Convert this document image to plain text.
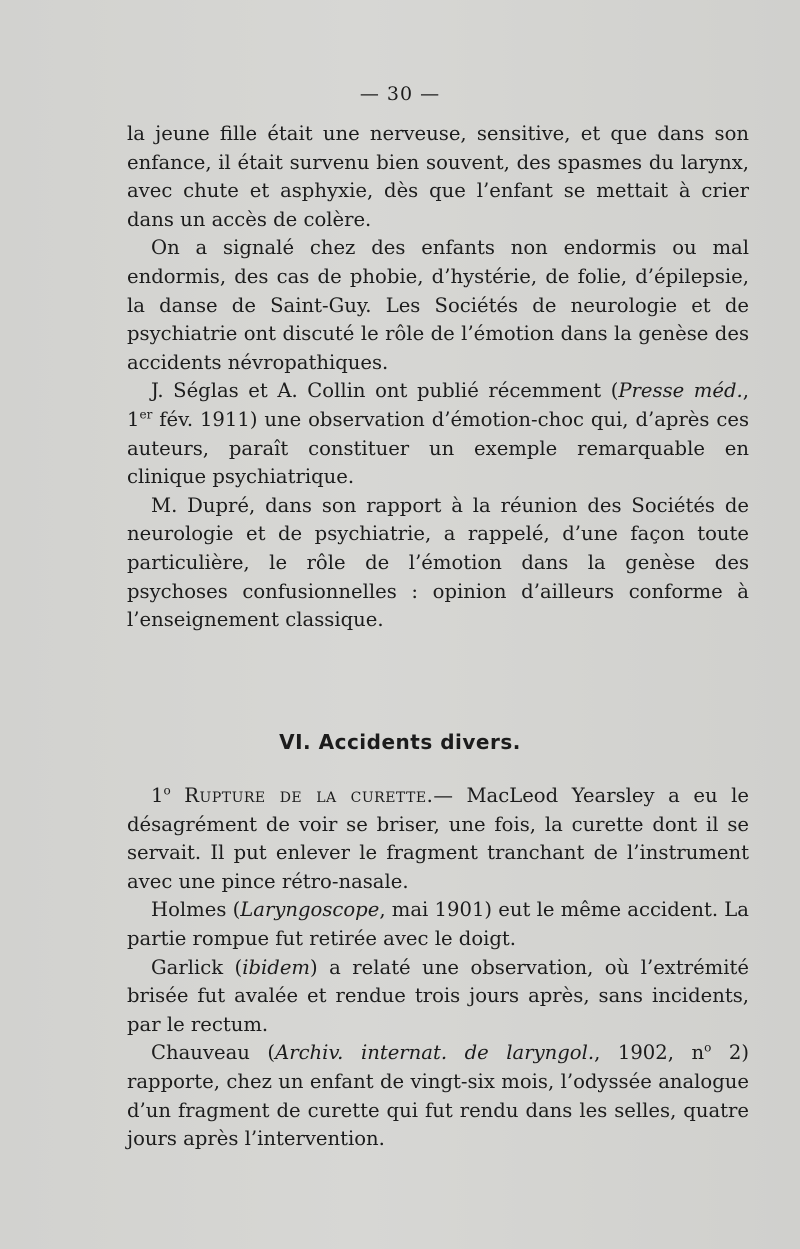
— 30 —

la jeune fille était une nerveuse, sensitive, et que dans son enfance, il était survenu bien souvent, des spasmes du larynx, avec chute et asphyxie, dès que l’enfant se mettait à crier dans un accès de colère.

On a signalé chez des enfants non endormis ou mal endormis, des cas de phobie, d’hystérie, de folie, d’épilepsie, la danse de Saint-Guy. Les Sociétés de neurologie et de psychiatrie ont discuté le rôle de l’émotion dans la genèse des accidents névropathiques.

J. Séglas et A. Collin ont publié récemment (Presse méd., 1er fév. 1911) une observation d’émotion-choc qui, d’après ces auteurs, paraît constituer un exemple remarquable en clinique psychiatrique.

M. Dupré, dans son rapport à la réunion des Sociétés de neurologie et de psychiatrie, a rappelé, d’une façon toute particulière, le rôle de l’émotion dans la genèse des psychoses confusionnelles : opinion d’ailleurs conforme à l’enseignement classique.

VI. Accidents divers.

1$^o$ Rupture de la curette.— MacLeod Yearsley a eu le désagrément de voir se briser, une fois, la curette dont il se servait. Il put enlever le fragment tranchant de l’instrument avec une pince rétro-nasale.

Holmes (Laryngoscope, mai 1901) eut le même accident. La partie rompue fut retirée avec le doigt.

Garlick (ibidem) a relaté une observation, où l’extrémité brisée fut avalée et rendue trois jours après, sans incidents, par le rectum.

Chauveau (Archiv. internat. de laryngol., 1902, $n^o$ 2) rapporte, chez un enfant de vingt-six mois, l’odyssée analogue d’un fragment de curette qui fut rendu dans les selles, quatre jours après l’intervention.
